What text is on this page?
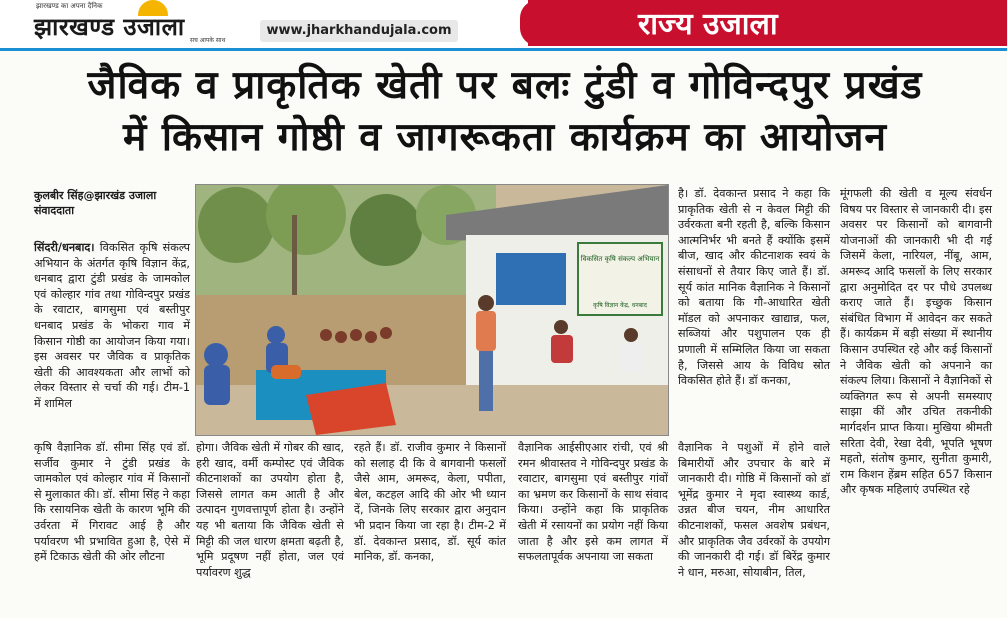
झारखण्ड का अपना दैनिक
झारखण्ड उजाला सच आपके साथ
www.jharkhandujala.com	राज्य उजाला
जैविक व प्राकृतिक खेती पर बलः टुंडी व गोविन्दपुर प्रखंड
में किसान गोष्ठी व जागरूकता कार्यक्रम का आयोजन
कुलबीर सिंह@झारखंड उजाला
संवाददाता
विकसित कृषि संकल्प अभियान
कृषि विज्ञान केंद्र, धनबाद

सिंदरी/धनबाद। विकसित कृषि संकल्प अभियान के अंतर्गत कृषि विज्ञान केंद्र, धनबाद द्वारा टुंडी प्रखंड के जामकोल एवं कोल्हार गांव तथा गोविन्दपुर प्रखंड के रवाटार, बागसुमा एवं बस्तीपुर धनबाद प्रखंड के भोकरा गाव में किसान गोष्ठी का आयोजन किया गया। इस अवसर पर जैविक व प्राकृतिक खेती की आवश्यकता और लाभों को लेकर विस्तार से चर्चा की गई। टीम-1 में शामिल

कृषि वैज्ञानिक डॉ. सीमा सिंह एवं डॉ. सर्जीव कुमार ने टुंडी प्रखंड के जामकोल एवं कोल्हार गांव में किसानों से मुलाकात की। डॉ. सीमा सिंह ने कहा कि रसायनिक खेती के कारण भूमि की उर्वरता में गिरावट आई है और पर्यावरण भी प्रभावित हुआ है, ऐसे में हमें टिकाऊ खेती की ओर लौटना

होगा। जैविक खेती में गोबर की खाद, हरी खाद, वर्मी कम्पोस्ट एवं जैविक कीटनाशकों का उपयोग होता है, जिससे लागत कम आती है और उत्पादन गुणवत्तापूर्ण होता है। उन्होंने यह भी बताया कि जैविक खेती से मिट्टी की जल धारण क्षमता बढ़ती है, भूमि प्रदूषण नहीं होता, जल एवं पर्यावरण शुद्ध

रहते हैं। डॉ. राजीव कुमार ने किसानों को सलाह दी कि वे बागवानी फसलों जैसे आम, अमरूद, केला, पपीता, बेल, कटहल आदि की ओर भी ध्यान दें, जिनके लिए सरकार द्वारा अनुदान भी प्रदान किया जा रहा है। टीम-2 में डॉ. देवकान्त प्रसाद, डॉ. सूर्य कांत मानिक, डॉ. कनका,

वैज्ञानिक आईसीएआर रांची, एवं श्री रमन श्रीवास्तव ने गोविन्दपुर प्रखंड के रवाटार, बागसुमा एवं बस्तीपुर गांवों का भ्रमण कर किसानों के साथ संवाद किया। उन्होंने कहा कि प्राकृतिक खेती में रसायनों का प्रयोग नहीं किया जाता है और इसे कम लागत में सफलतापूर्वक अपनाया जा सकता

है। डॉ. देवकान्त प्रसाद ने कहा कि प्राकृतिक खेती से न केवल मिट्टी की उर्वरकता बनी रहती है, बल्कि किसान आत्मनिर्भर भी बनते हैं क्योंकि इसमें बीज, खाद और कीटनाशक स्वयं के संसाधनों से तैयार किए जाते हैं। डॉ. सूर्य कांत मानिक वैज्ञानिक ने किसानों को बताया कि गौ-आधारित खेती मॉडल को अपनाकर खाद्यान्न, फल, सब्जियां और पशुपालन एक ही प्रणाली में सम्मिलित किया जा सकता है, जिससे आय के विविध स्रोत विकसित होते हैं। डॉ कनका,

वैज्ञानिक ने पशुओं में होने वाले बिमारीयों और उपचार के बारे में जानकारी दी। गोष्ठि में किसानों को डॉ भूमेंद्र कुमार ने मृदा स्वास्थ्य कार्ड, उन्नत बीज चयन, नीम आधारित कीटनाशकों, फसल अवशेष प्रबंधन, और प्राकृतिक जैव उर्वरकों के उपयोग की जानकारी दी गई। डॉ बिरेंद्र कुमार ने धान, मरुआ, सोयाबीन, तिल,

मूंगफली की खेती व मूल्य संवर्धन विषय पर विस्तार से जानकारी दी। इस अवसर पर किसानों को बागवानी योजनाओं की जानकारी भी दी गई जिसमें केला, नारियल, नींबू, आम, अमरूद आदि फसलों के लिए सरकार द्वारा अनुमोदित दर पर पौधे उपलब्ध कराए जाते हैं। इच्छुक किसान संबंधित विभाग में आवेदन कर सकते हैं। कार्यक्रम में बड़ी संख्या में स्थानीय किसान उपस्थित रहे और कई किसानों ने जैविक खेती को अपनाने का संकल्प लिया। किसानों ने वैज्ञानिकों से व्यक्तिगत रूप से अपनी समस्याए साझा कीं और उचित तकनीकी मार्गदर्शन प्राप्त किया। मुखिया श्रीमती सरिता देवी, रेखा देवी, भूपति भूषण महतो, संतोष कुमार, सुनीता कुमारी, राम किशन हेंब्रम सहित 657 किसान और कृषक महिलाएं उपस्थित रहे
